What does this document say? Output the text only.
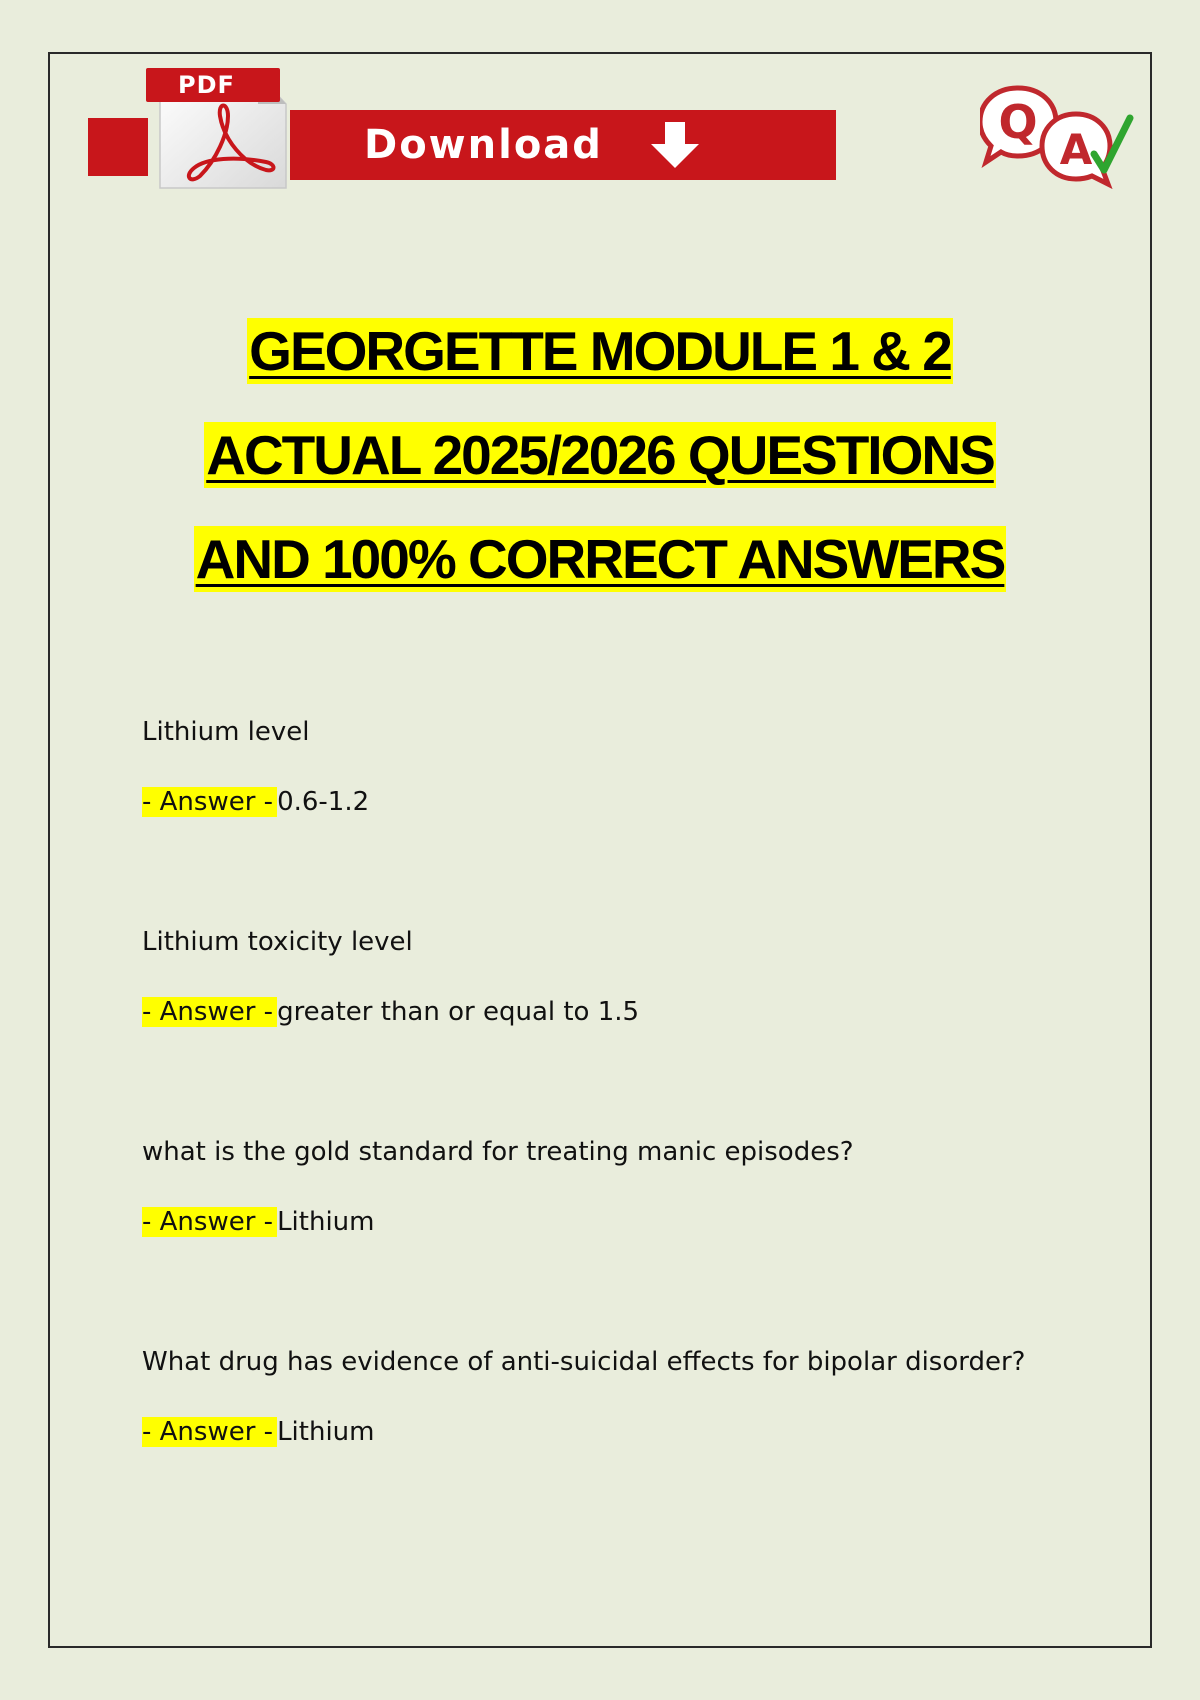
Download
PDF
Q
A
GEORGETTE MODULE 1 & 2
ACTUAL 2025/2026 QUESTIONS
AND 100% CORRECT ANSWERS

Lithium level

- Answer - 0.6-1.2

Lithium toxicity level

- Answer - greater than or equal to 1.5

what is the gold standard for treating manic episodes?

- Answer - Lithium

What drug has evidence of anti-suicidal effects for bipolar disorder?

- Answer - Lithium
